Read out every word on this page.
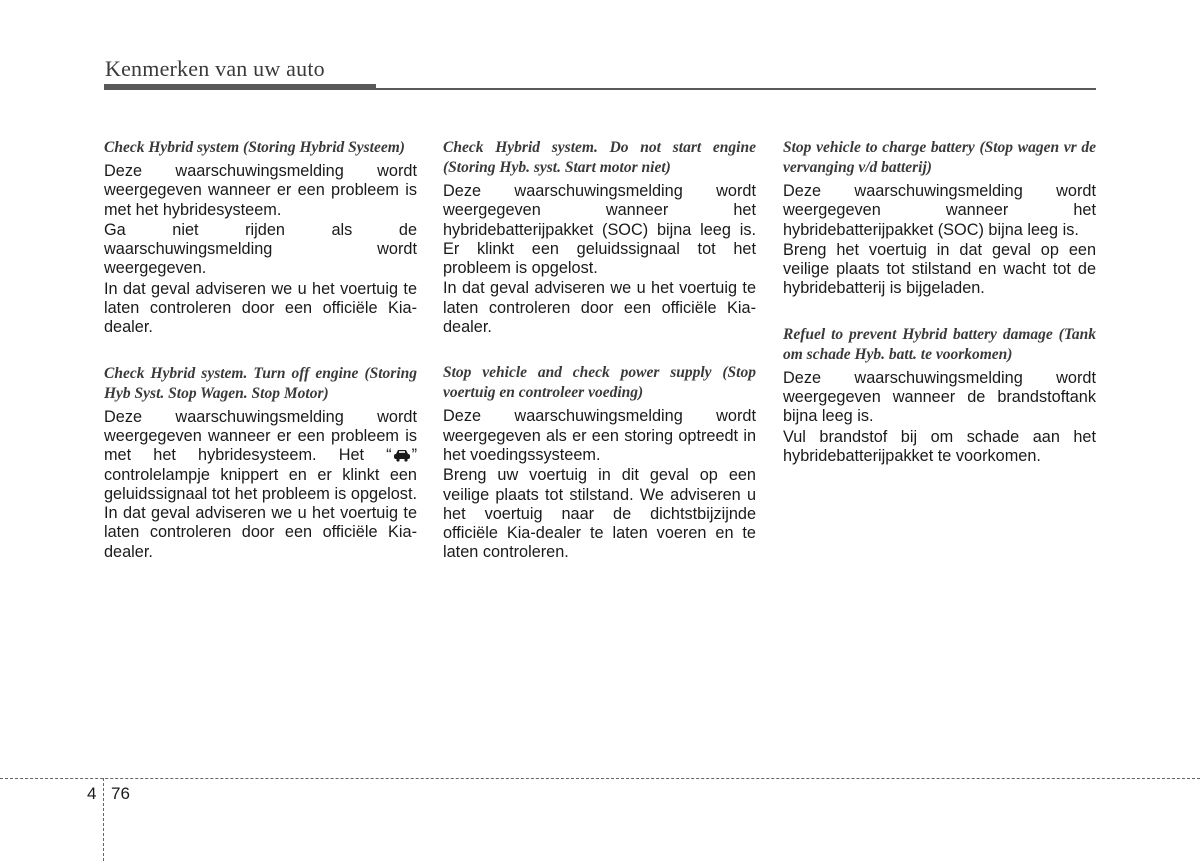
Kenmerken van uw auto

Check Hybrid system (Storing Hybrid Systeem)

Deze waarschuwingsmelding wordt weergegeven wanneer er een probleem is met het hybridesysteem.

Ga niet rijden als de waarschuwingsmelding wordt weergegeven.

In dat geval adviseren we u het voertuig te laten controleren door een officiële Kia-dealer.

Check Hybrid system. Turn off engine (Storing Hyb Syst. Stop Wagen. Stop Motor)

Deze waarschuwingsmelding wordt weergegeven wanneer er een probleem is met het hybridesysteem. Het “ ” controlelampje knippert en er klinkt een geluidssignaal tot het probleem is opgelost. In dat geval adviseren we u het voertuig te laten controleren door een officiële Kia-dealer.

Check Hybrid system. Do not start engine (Storing Hyb. syst. Start motor niet)

Deze waarschuwingsmelding wordt weergegeven wanneer het hybridebatterijpakket (SOC) bijna leeg is. Er klinkt een geluidssignaal tot het probleem is opgelost.

In dat geval adviseren we u het voertuig te laten controleren door een officiële Kia-dealer.

Stop vehicle and check power supply (Stop voertuig en controleer voeding)

Deze waarschuwingsmelding wordt weergegeven als er een storing optreedt in het voedingssysteem.

Breng uw voertuig in dit geval op een veilige plaats tot stilstand. We adviseren u het voertuig naar de dichtstbijzijnde officiële Kia-dealer te laten voeren en te laten controleren.

Stop vehicle to charge battery (Stop wagen vr de vervanging v/d batterij)

Deze waarschuwingsmelding wordt weergegeven wanneer het hybridebatterijpakket (SOC) bijna leeg is.

Breng het voertuig in dat geval op een veilige plaats tot stilstand en wacht tot de hybridebatterij is bijgeladen.

Refuel to prevent Hybrid battery damage (Tank om schade Hyb. batt. te voorkomen)

Deze waarschuwingsmelding wordt weergegeven wanneer de brandstoftank bijna leeg is.

Vul brandstof bij om schade aan het hybridebatterijpakket te voorkomen.

4 76
